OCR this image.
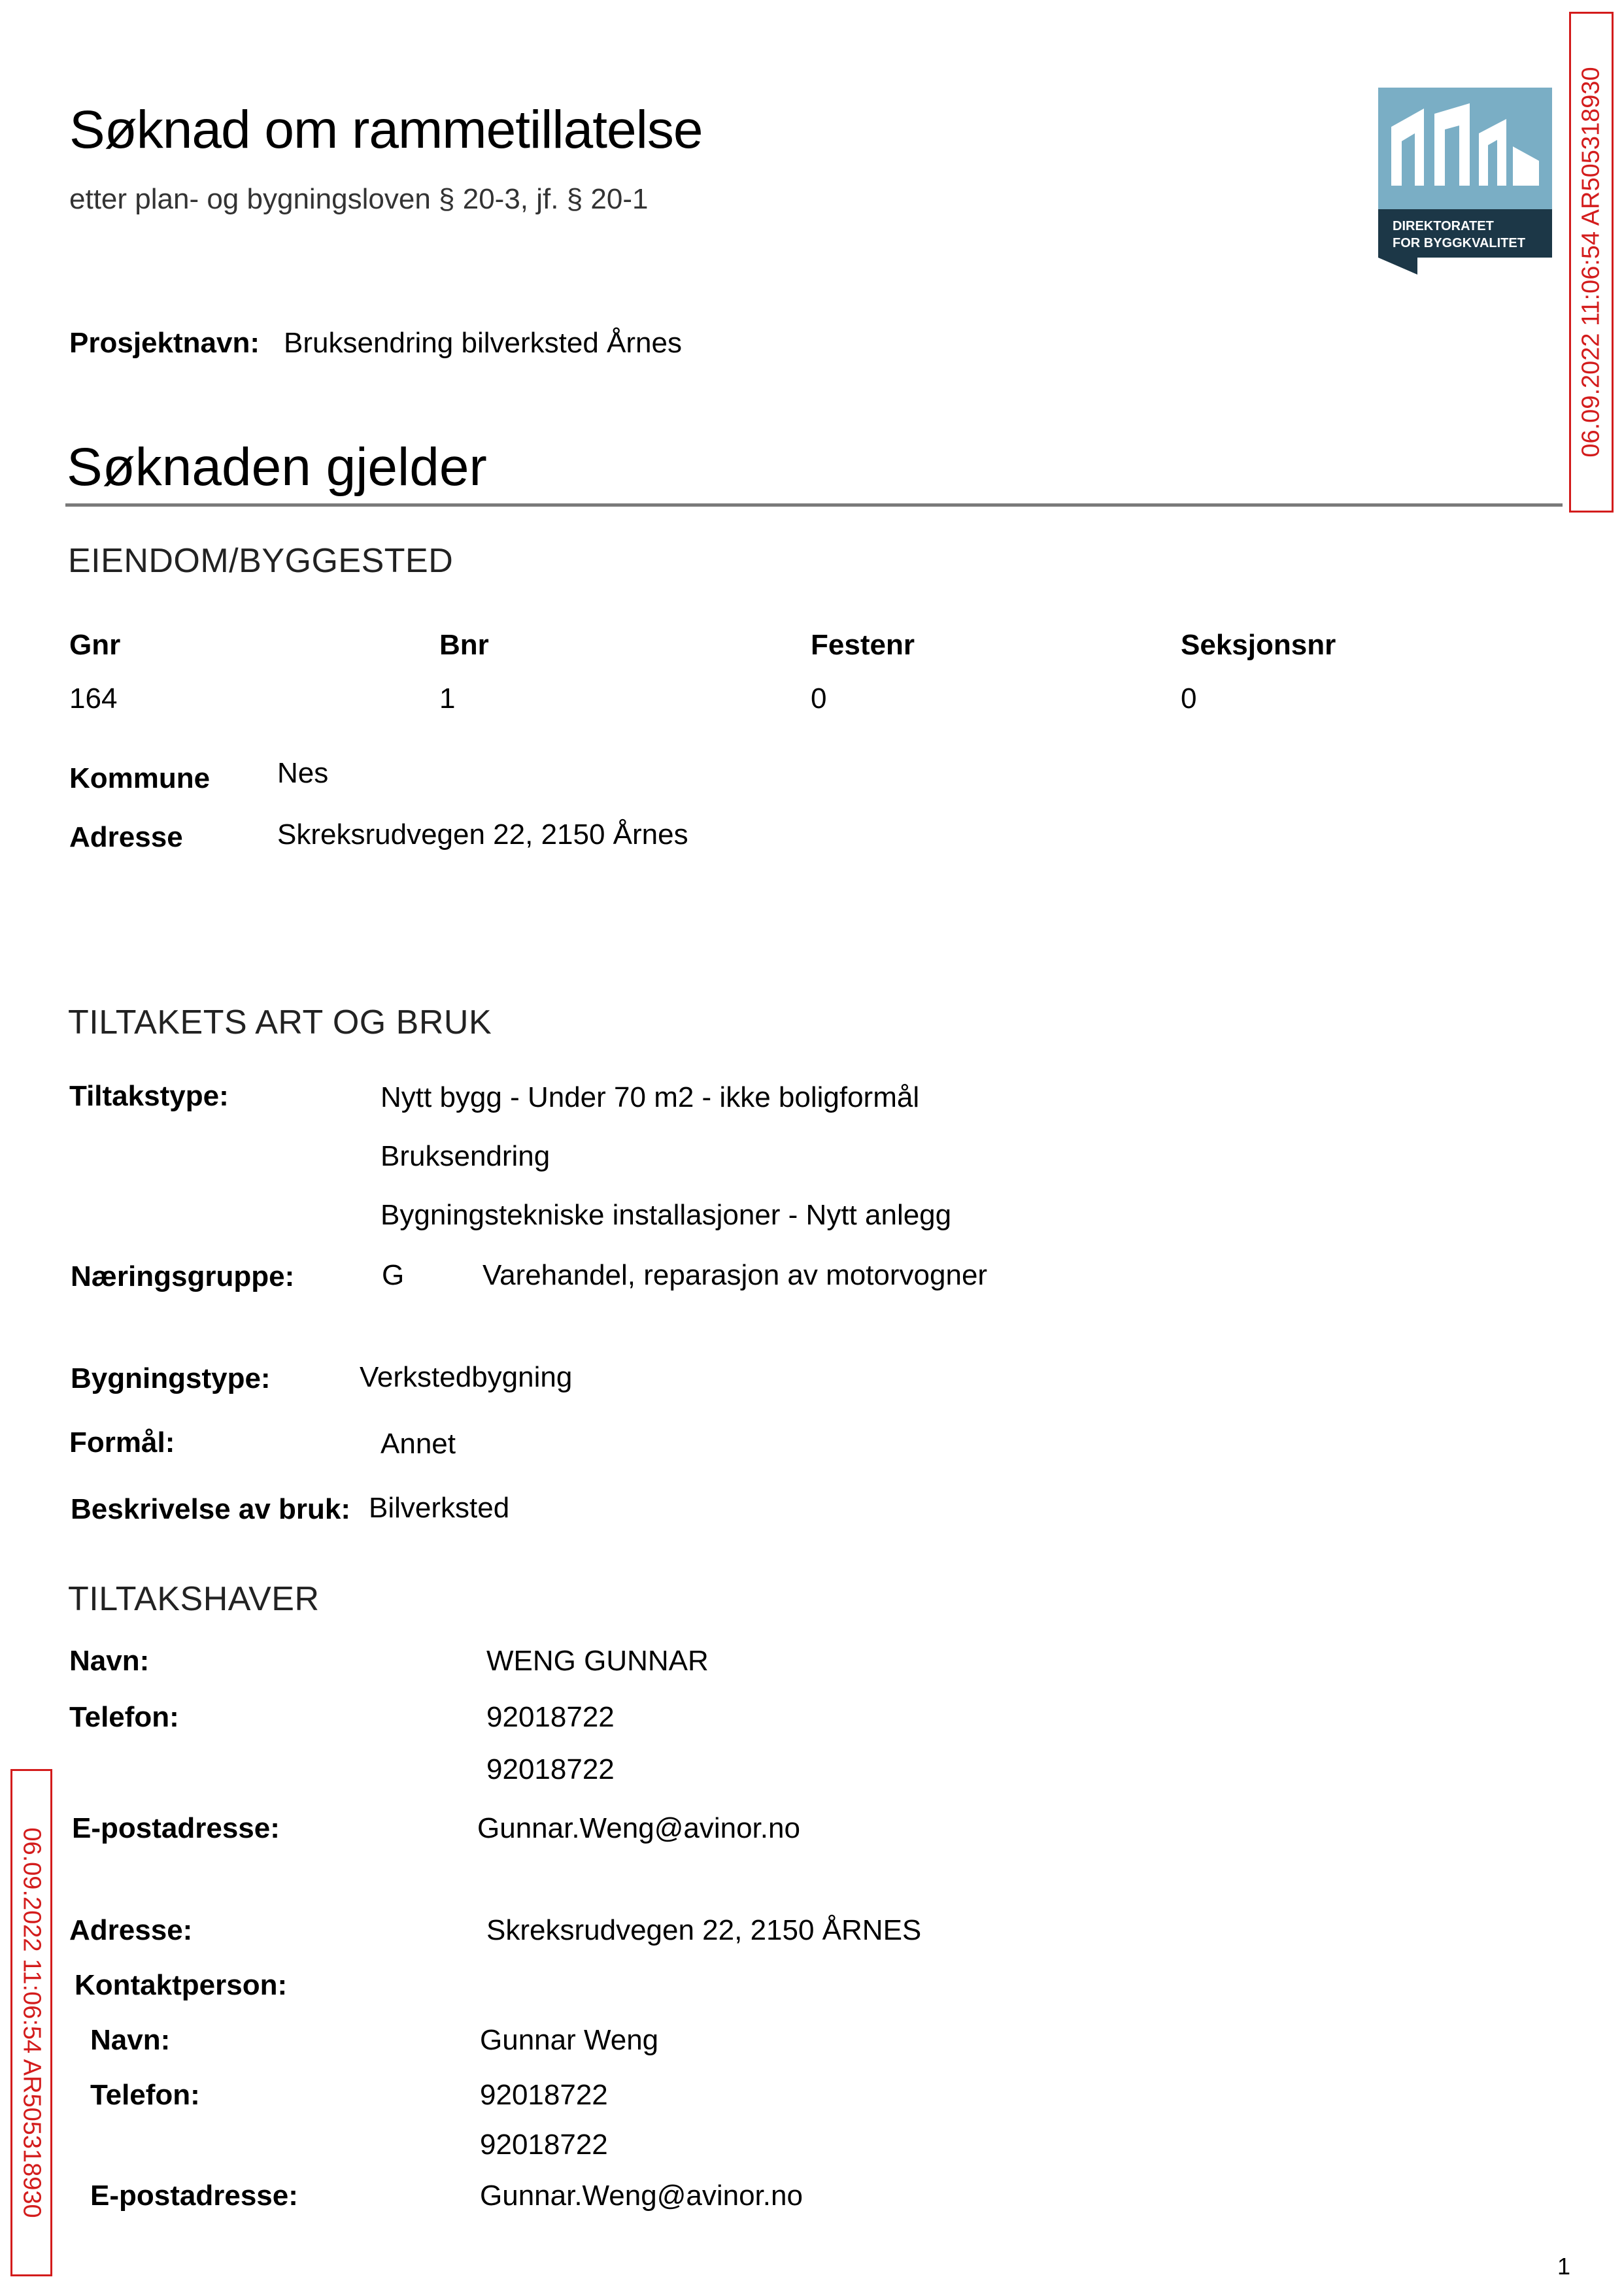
Søknad om rammetillatelse
etter plan- og bygningsloven § 20-3, jf. § 20-1
DIREKTORATET
FOR BYGGKVALITET 06.09.2022 11:06:54 AR505318930
06.09.2022 11:06:54 AR505318930
Prosjektnavn: Bruksendring bilverksted Årnes
Søknaden gjelder
EIENDOM/BYGGESTED
Gnr	Bnr	Festenr	Seksjonsnr
164	1	0	0
Kommune Nes
Adresse	Skreksrudvegen 22, 2150 Årnes
TILTAKETS ART OG BRUK
Tiltakstype:	Nytt bygg - Under 70 m2 - ikke boligformål
Bruksendring
Bygningstekniske installasjoner - Nytt anlegg
Næringsgruppe:	G	Varehandel, reparasjon av motorvogner
Bygningstype:	Verkstedbygning
Formål:	Annet
Beskrivelse av bruk: Bilverksted
TILTAKSHAVER
Navn:	WENG GUNNAR
Telefon:	92018722
92018722
E-postadresse:	Gunnar.Weng@avinor.no
Adresse:	Skreksrudvegen 22, 2150 ÅRNES
Kontaktperson:
Navn:	Gunnar Weng
Telefon:	92018722
92018722
E-postadresse:	Gunnar.Weng@avinor.no
1
